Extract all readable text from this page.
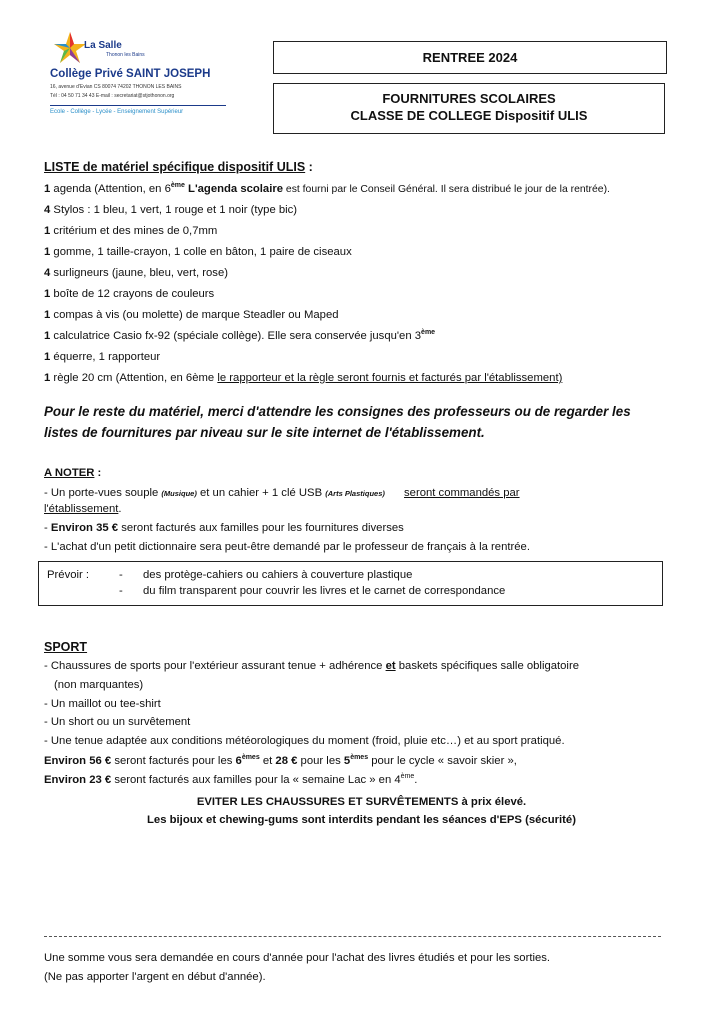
La Salle
Thonon les Bains
Collège Privé SAINT JOSEPH
16, avenue d'Evian CS 80074 74202 THONON LES BAINS
Tél : 04 50 71 34 43 E-mail : secretariat@stjothonon.org
Ecole - Collège - Lycée - Enseignement Supérieur
RENTREE 2024
FOURNITURES SCOLAIRES
CLASSE DE COLLEGE Dispositif ULIS
LISTE de matériel spécifique dispositif ULIS :
1 agenda (Attention, en 6ème L'agenda scolaire est fourni par le Conseil Général. Il sera distribué le jour de la rentrée).
4 Stylos : 1 bleu, 1 vert, 1 rouge et 1 noir (type bic)
1 critérium et des mines de 0,7mm
1 gomme, 1 taille-crayon, 1 colle en bâton, 1 paire de ciseaux
4 surligneurs (jaune, bleu, vert, rose)
1 boîte de 12 crayons de couleurs
1 compas à vis (ou molette) de marque Steadler ou Maped
1 calculatrice Casio fx-92 (spéciale collège). Elle sera conservée jusqu'en 3ème
1 équerre, 1 rapporteur
1 règle 20 cm (Attention, en 6ème le rapporteur et la règle seront fournis et facturés par l'établissement)
Pour le reste du matériel, merci d'attendre les consignes des professeurs ou de regarder les
listes de fournitures par niveau sur le site internet de l'établissement.
A NOTER :
- Un porte-vues souple (Musique) et un cahier + 1 clé USB (Arts Plastiques) seront commandés par
l'établissement.
- Environ 35 € seront facturés aux familles pour les fournitures diverses
- L'achat d'un petit dictionnaire sera peut-être demandé par le professeur de français à la rentrée.
Prévoir :	- des protège-cahiers ou cahiers à couverture plastique
- du film transparent pour couvrir les livres et le carnet de correspondance
SPORT
- Chaussures de sports pour l'extérieur assurant tenue + adhérence et baskets spécifiques salle obligatoire
(non marquantes)
- Un maillot ou tee-shirt
- Un short ou un survêtement
- Une tenue adaptée aux conditions météorologiques du moment (froid, pluie etc…) et au sport pratiqué.
Environ 56 € seront facturés pour les 6èmes et 28 € pour les 5èmes pour le cycle « savoir skier »,
Environ 23 € seront facturés aux familles pour la « semaine Lac » en 4ème.
EVITER LES CHAUSSURES ET SURVÊTEMENTS à prix élevé.
Les bijoux et chewing-gums sont interdits pendant les séances d'EPS (sécurité)
Une somme vous sera demandée en cours d'année pour l'achat des livres étudiés et pour les sorties.
(Ne pas apporter l'argent en début d'année).
